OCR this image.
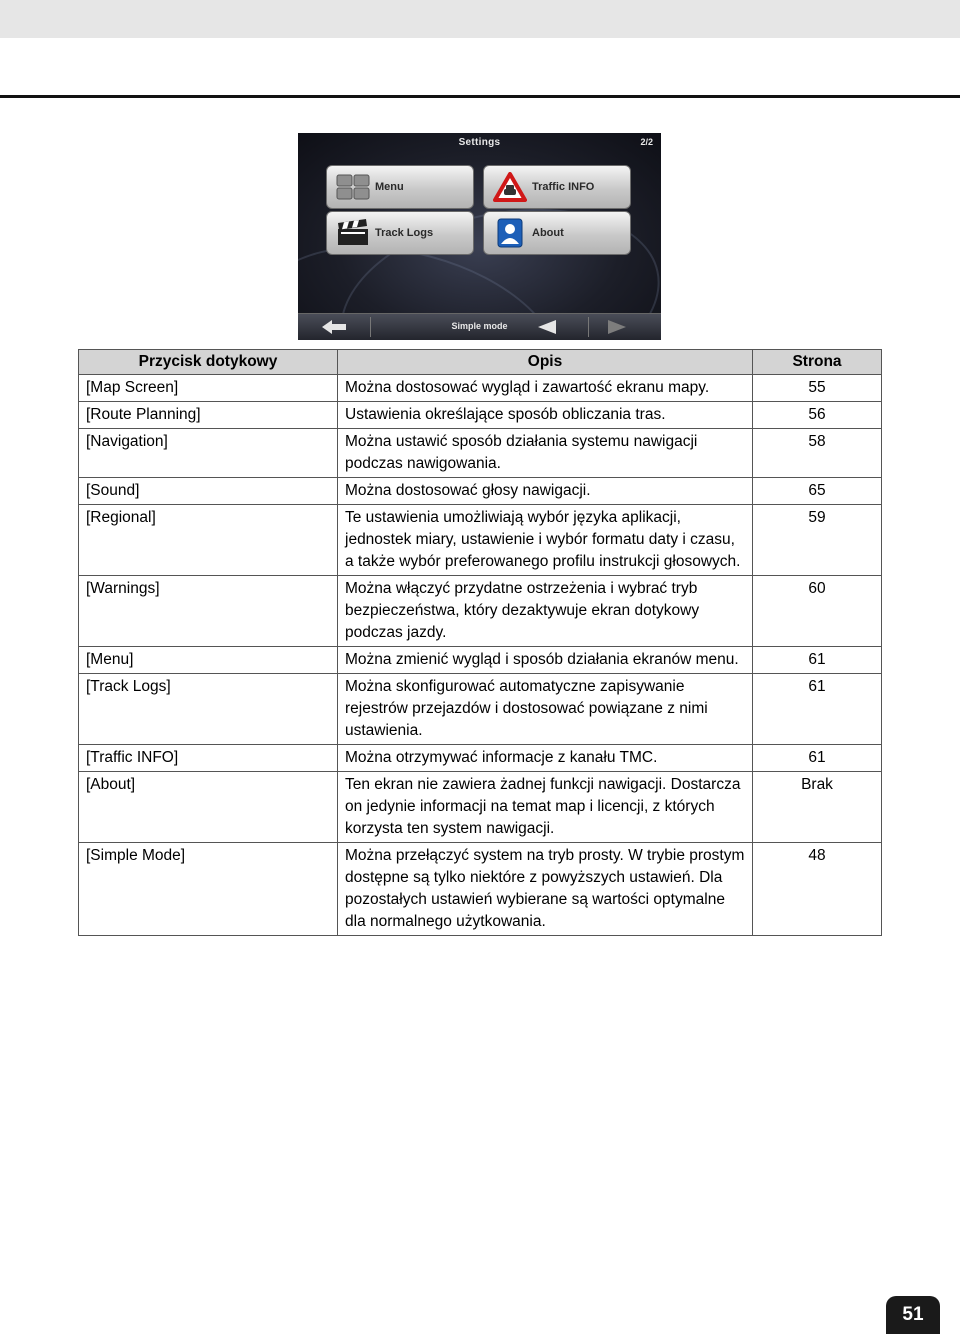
Settings	2/2
Menu	Traffic INFO
Track Logs	About
Simple mode
Przycisk dotykowy	Opis	Strona
[Map Screen]	Można dostosować wygląd i zawartość ekranu mapy.	55
[Route Planning]	Ustawienia określające sposób obliczania tras.	56
[Navigation]	Można ustawić sposób działania systemu nawigacji podczas nawigowania.	58
[Sound]	Można dostosować głosy nawigacji.	65
[Regional]	Te ustawienia umożliwiają wybór języka aplikacji, jednostek miary, ustawienie i wybór formatu daty i czasu, a także wybór preferowanego profilu instrukcji głosowych.	59
[Warnings]	Można włączyć przydatne ostrzeżenia i wybrać tryb bezpieczeństwa, który dezaktywuje ekran dotykowy podczas jazdy.	60
[Menu]	Można zmienić wygląd i sposób działania ekranów menu.	61
[Track Logs]	Można skonfigurować automatyczne zapisywanie rejestrów przejazdów i dostosować powiązane z nimi ustawienia.	61
[Traffic INFO]	Można otrzymywać informacje z kanału TMC.	61
[About]	Ten ekran nie zawiera żadnej funkcji nawigacji. Dostarcza on jedynie informacji na temat map i licencji, z których korzysta ten system nawigacji.	Brak
[Simple Mode]	Można przełączyć system na tryb prosty. W trybie prostym dostępne są tylko niektóre z powyższych ustawień. Dla pozostałych ustawień wybierane są wartości optymalne dla normalnego użytkowania.	48
51
